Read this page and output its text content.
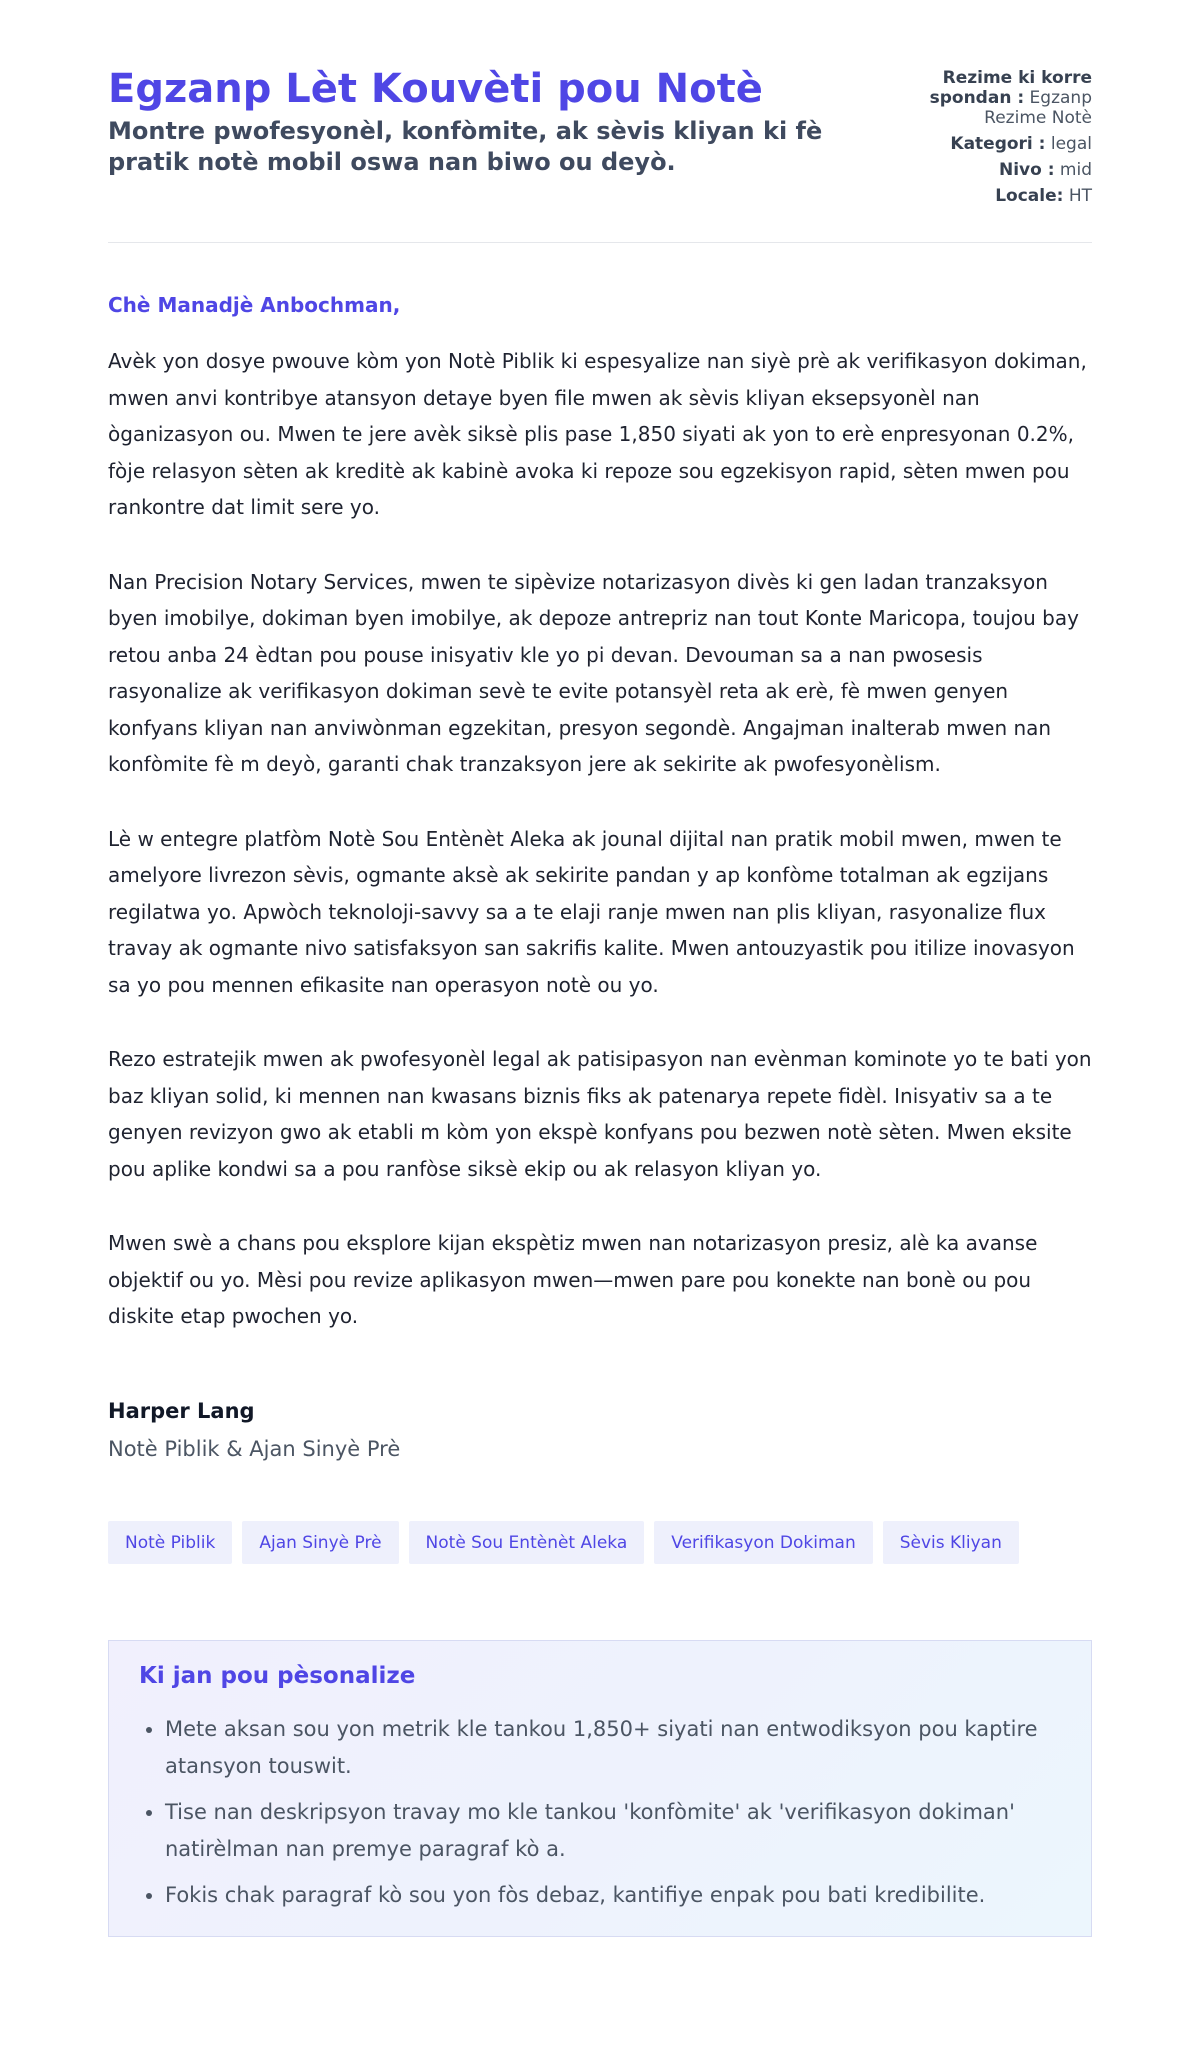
Egzanp Lèt Kouvèti pou Notè
Montre pwofesyonèl, konfòmite, ak sèvis kliyan ki fè pratik notè mobil oswa nan biwo ou deyò.
Rezime ki korre spondan : Egzanp Rezime Notè
Kategori : legal
Nivo : mid
Locale: HT
Chè Manadjè Anbochman,

Avèk yon dosye pwouve kòm yon Notè Piblik ki espesyalize nan siyè prè ak verifikasyon dokiman, mwen anvi kontribye atansyon detaye byen file mwen ak sèvis kliyan eksepsyonèl nan òganizasyon ou. Mwen te jere avèk siksè plis pase 1,850 siyati ak yon to erè enpresyonan 0.2%, fòje relasyon sèten ak kreditè ak kabinè avoka ki repoze sou egzekisyon rapid, sèten mwen pou rankontre dat limit sere yo.

Nan Precision Notary Services, mwen te sipèvize notarizasyon divès ki gen ladan tranzaksyon byen imobilye, dokiman byen imobilye, ak depoze antrepriz nan tout Konte Maricopa, toujou bay retou anba 24 èdtan pou pouse inisyativ kle yo pi devan. Devouman sa a nan pwosesis rasyonalize ak verifikasyon dokiman sevè te evite potansyèl reta ak erè, fè mwen genyen konfyans kliyan nan anviwònman egzekitan, presyon segondè. Angajman inalterab mwen nan konfòmite fè m deyò, garanti chak tranzaksyon jere ak sekirite ak pwofesyonèlism.

Lè w entegre platfòm Notè Sou Entènèt Aleka ak jounal dijital nan pratik mobil mwen, mwen te amelyore livrezon sèvis, ogmante aksè ak sekirite pandan y ap konfòme totalman ak egzijans regilatwa yo. Apwòch teknoloji-savvy sa a te elaji ranje mwen nan plis kliyan, rasyonalize flux travay ak ogmante nivo satisfaksyon san sakrifis kalite. Mwen antouzyastik pou itilize inovasyon sa yo pou mennen efikasite nan operasyon notè ou yo.

Rezo estratejik mwen ak pwofesyonèl legal ak patisipasyon nan evènman kominote yo te bati yon baz kliyan solid, ki mennen nan kwasans biznis fiks ak patenarya repete fidèl. Inisyativ sa a te genyen revizyon gwo ak etabli m kòm yon ekspè konfyans pou bezwen notè sèten. Mwen eksite pou aplike kondwi sa a pou ranfòse siksè ekip ou ak relasyon kliyan yo.

Mwen swè a chans pou eksplore kijan ekspètiz mwen nan notarizasyon presiz, alè ka avanse objektif ou yo. Mèsi pou revize aplikasyon mwen—mwen pare pou konekte nan bonè ou pou diskite etap pwochen yo.

Harper Lang
Notè Piblik & Ajan Sinyè Prè
Notè Piblik	Ajan Sinyè Prè	Notè Sou Entènèt Aleka	Verifikasyon Dokiman	Sèvis Kliyan
Ki jan pou pèsonalize
• Mete aksan sou yon metrik kle tankou 1,850+ siyati nan entwodiksyon pou kaptire atansyon touswit.
• Tise nan deskripsyon travay mo kle tankou 'konfòmite' ak 'verifikasyon dokiman' natirèlman nan premye paragraf kò a.
• Fokis chak paragraf kò sou yon fòs debaz, kantifiye enpak pou bati kredibilite.
